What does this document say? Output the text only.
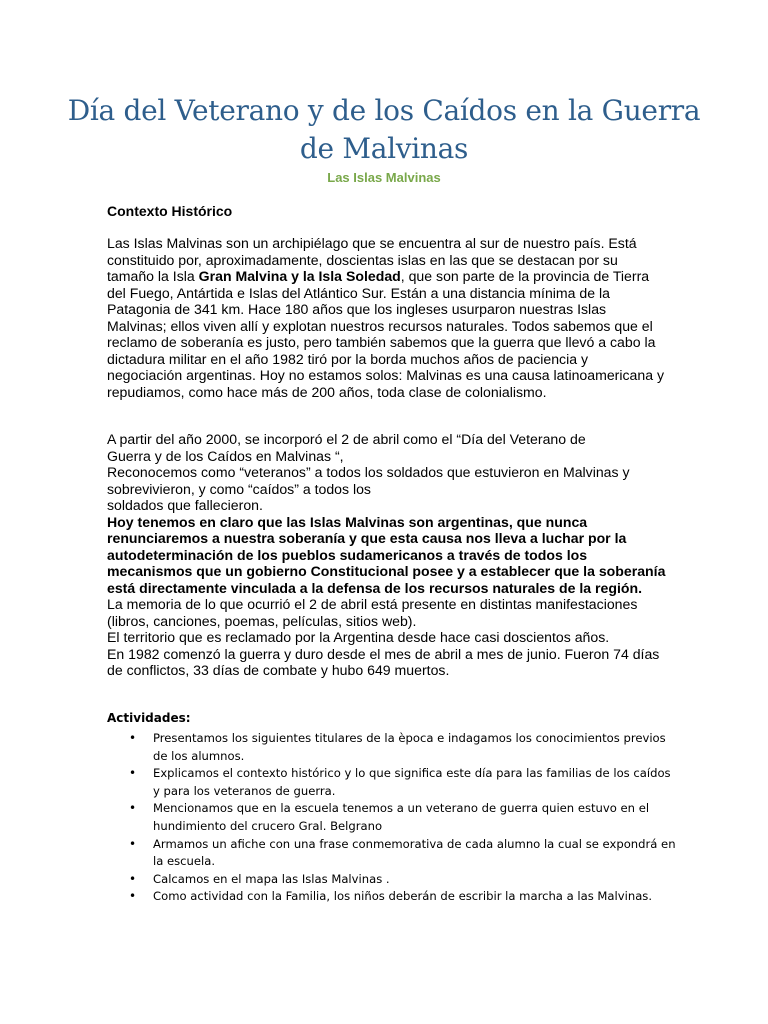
Día del Veterano y de los Caídos en la Guerra de Malvinas
Las Islas Malvinas
Contexto Histórico

Las Islas Malvinas son un archipiélago que se encuentra al sur de nuestro país. Está constituido por, aproximadamente, doscientas islas en las que se destacan por su tamaño la Isla Gran Malvina y la Isla Soledad, que son parte de la provincia de Tierra del Fuego, Antártida e Islas del Atlántico Sur. Están a una distancia mínima de la Patagonia de 341 km. Hace 180 años que los ingleses usurparon nuestras Islas Malvinas; ellos viven allí y explotan nuestros recursos naturales. Todos sabemos que el reclamo de soberanía es justo, pero también sabemos que la guerra que llevó a cabo la dictadura militar en el año 1982 tiró por la borda muchos años de paciencia y negociación argentinas. Hoy no estamos solos: Malvinas es una causa latinoamericana y repudiamos, como hace más de 200 años, toda clase de colonialismo.

A partir del año 2000, se incorporó el 2 de abril como el “Día del Veterano de
Guerra y de los Caídos en Malvinas “,
Reconocemos como “veteranos” a todos los soldados que estuvieron en Malvinas y
sobrevivieron, y como “caídos” a todos los
soldados que fallecieron.
Hoy tenemos en claro que las Islas Malvinas son argentinas, que nunca renunciaremos a nuestra soberanía y que esta causa nos lleva a luchar por la autodeterminación de los pueblos sudamericanos a través de todos los mecanismos que un gobierno Constitucional posee y a establecer que la soberanía está directamente vinculada a la defensa de los recursos naturales de la región.
La memoria de lo que ocurrió el 2 de abril está presente en distintas manifestaciones
(libros, canciones, poemas, películas, sitios web).
El territorio que es reclamado por la Argentina desde hace casi doscientos años.
En 1982 comenzó la guerra y duro desde el mes de abril a mes de junio. Fueron 74 días de conflictos, 33 días de combate y hubo 649 muertos.
Actividades:
• Presentamos los siguientes titulares de la època e indagamos los conocimientos previos de los alumnos.
• Explicamos el contexto histórico y lo que significa este día para las familias de los caídos y para los veteranos de guerra.
• Mencionamos que en la escuela tenemos a un veterano de guerra quien estuvo en el hundimiento del crucero Gral. Belgrano
• Armamos un afiche con una frase conmemorativa de cada alumno la cual se expondrá en la escuela.
• Calcamos en el mapa las Islas Malvinas .
• Como actividad con la Familia, los niños deberán de escribir la marcha a las Malvinas.
